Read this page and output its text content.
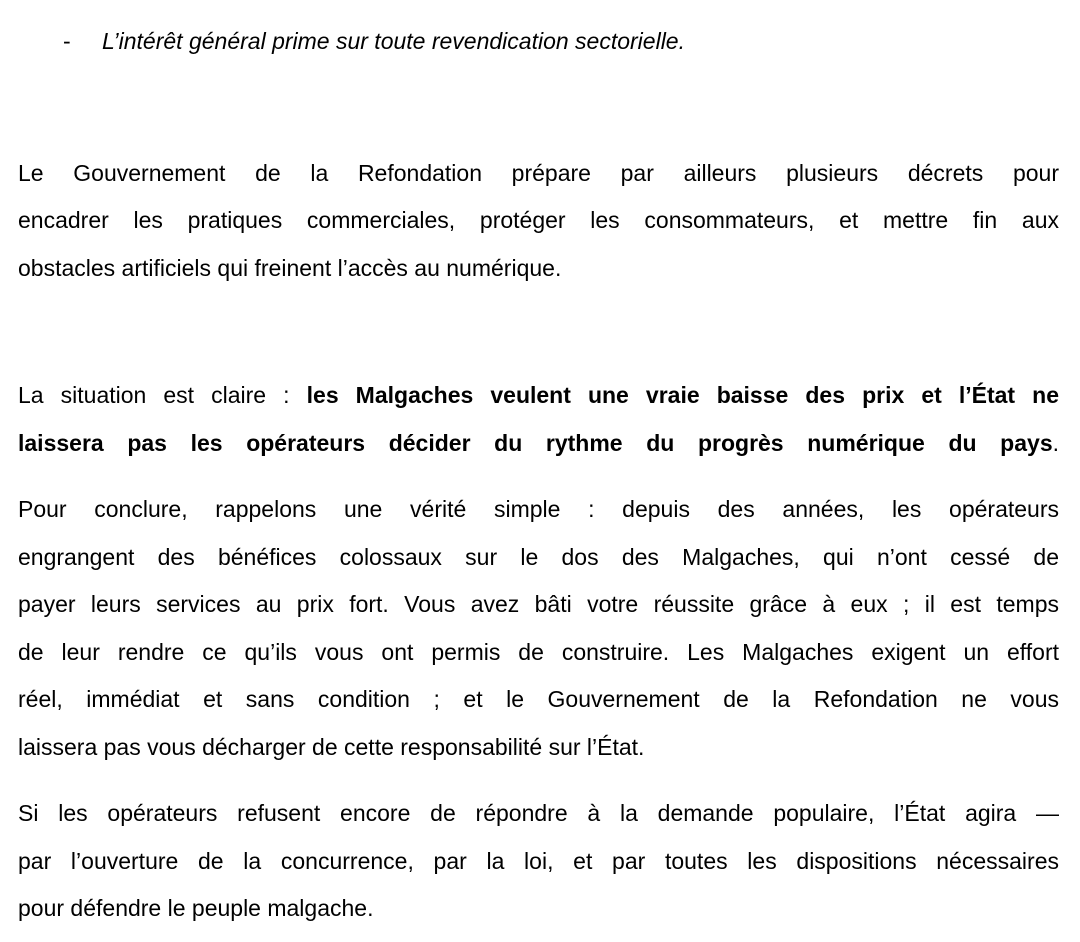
- L’intérêt général prime sur toute revendication sectorielle.
Le Gouvernement de la Refondation prépare par ailleurs plusieurs décrets pour
encadrer les pratiques commerciales, protéger les consommateurs, et mettre fin aux
obstacles artificiels qui freinent l’accès au numérique.
La situation est claire : les Malgaches veulent une vraie baisse des prix et l’État ne
laissera pas les opérateurs décider du rythme du progrès numérique du pays.
Pour conclure, rappelons une vérité simple : depuis des années, les opérateurs
engrangent des bénéfices colossaux sur le dos des Malgaches, qui n’ont cessé de
payer leurs services au prix fort. Vous avez bâti votre réussite grâce à eux ; il est temps
de leur rendre ce qu’ils vous ont permis de construire. Les Malgaches exigent un effort
réel, immédiat et sans condition ; et le Gouvernement de la Refondation ne vous
laissera pas vous décharger de cette responsabilité sur l’État.
Si les opérateurs refusent encore de répondre à la demande populaire, l’État agira —
par l’ouverture de la concurrence, par la loi, et par toutes les dispositions nécessaires
pour défendre le peuple malgache.
